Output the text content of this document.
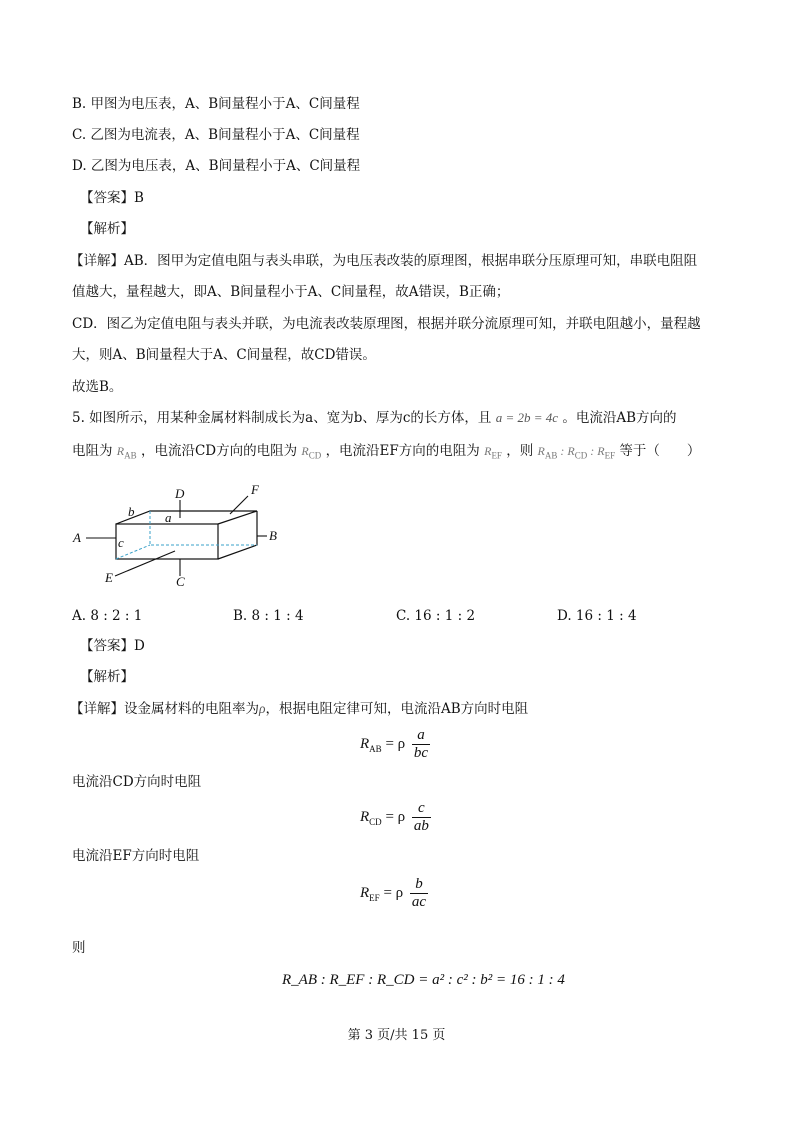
B. 甲图为电压表，A、B间量程小于A、C间量程
C. 乙图为电流表，A、B间量程小于A、C间量程
D. 乙图为电压表，A、B间量程小于A、C间量程
【答案】B
【解析】
【详解】AB．图甲为定值电阻与表头串联，为电压表改装的原理图，根据串联分压原理可知，串联电阻阻
值越大，量程越大，即A、B间量程小于A、C间量程，故A错误，B正确；
CD．图乙为定值电阻与表头并联，为电流表改装原理图，根据并联分流原理可知，并联电阻越小，量程越
大，则A、B间量程大于A、C间量程，故CD错误。
故选B。
5. 如图所示，用某种金属材料制成长为a、宽为b、厚为c的长方体，且 a = 2b = 4c 。电流沿AB方向的
电阻为 $R_{AB}$ ，电流沿CD方向的电阻为 $R_{CD}$ ，电流沿EF方向的电阻为 $R_{EF}$ ，则 $R_{AB}$ : $R_{CD}$ : $R_{EF}$ 等于（　　）
A	B
C
D
E
F
a
b
c
A. 8 : 2 : 1	B. 8 : 1 : 4	C. 16 : 1 : 2	D. 16 : 1 : 4
【答案】D
【解析】
【详解】设金属材料的电阻率为ρ，根据电阻定律可知，电流沿AB方向时电阻
$R_{AB} = \rho \frac{a}{bc}$
电流沿CD方向时电阻
$R_{CD} = \rho \frac{c}{ab}$
电流沿EF方向时电阻
$R_{EF} = \rho \frac{b}{ac}$
则
R_AB : R_EF : R_CD = a² : c² : b² = 16 : 1 : 4
第 3 页/共 15 页
